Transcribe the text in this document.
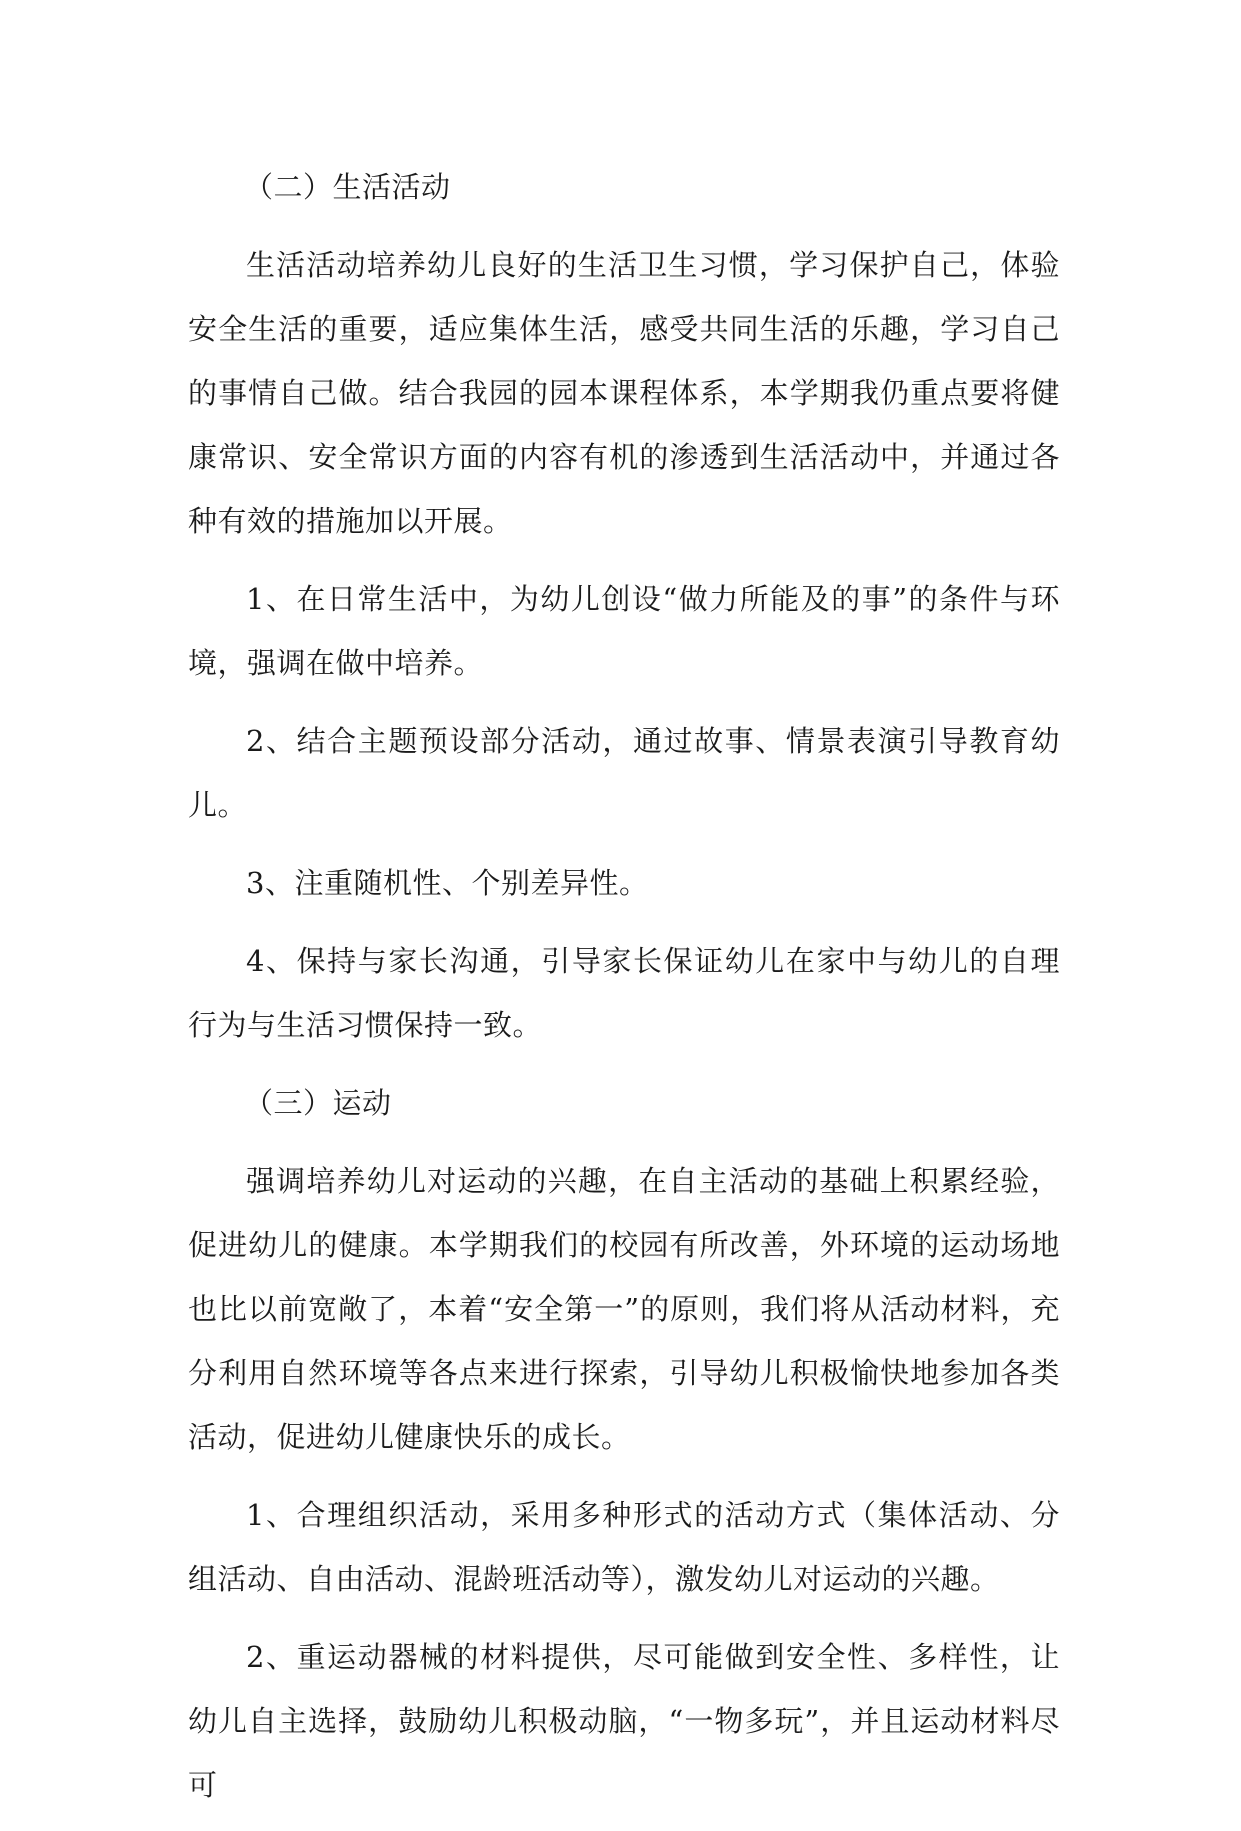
（二）生活活动

生活活动培养幼儿良好的生活卫生习惯，学习保护自己，体验安全生活的重要，适应集体生活，感受共同生活的乐趣，学习自己的事情自己做。结合我园的园本课程体系，本学期我仍重点要将健康常识、安全常识方面的内容有机的渗透到生活活动中，并通过各种有效的措施加以开展。

1、在日常生活中，为幼儿创设“做力所能及的事”的条件与环境，强调在做中培养。

2、结合主题预设部分活动，通过故事、情景表演引导教育幼儿。

3、注重随机性、个别差异性。

4、保持与家长沟通，引导家长保证幼儿在家中与幼儿的自理行为与生活习惯保持一致。

（三）运动

强调培养幼儿对运动的兴趣，在自主活动的基础上积累经验，促进幼儿的健康。本学期我们的校园有所改善，外环境的运动场地也比以前宽敞了，本着“安全第一”的原则，我们将从活动材料，充分利用自然环境等各点来进行探索，引导幼儿积极愉快地参加各类活动，促进幼儿健康快乐的成长。

1、合理组织活动，采用多种形式的活动方式（集体活动、分组活动、自由活动、混龄班活动等），激发幼儿对运动的兴趣。

2、重运动器械的材料提供，尽可能做到安全性、多样性，让幼儿自主选择，鼓励幼儿积极动脑，“一物多玩”，并且运动材料尽可
